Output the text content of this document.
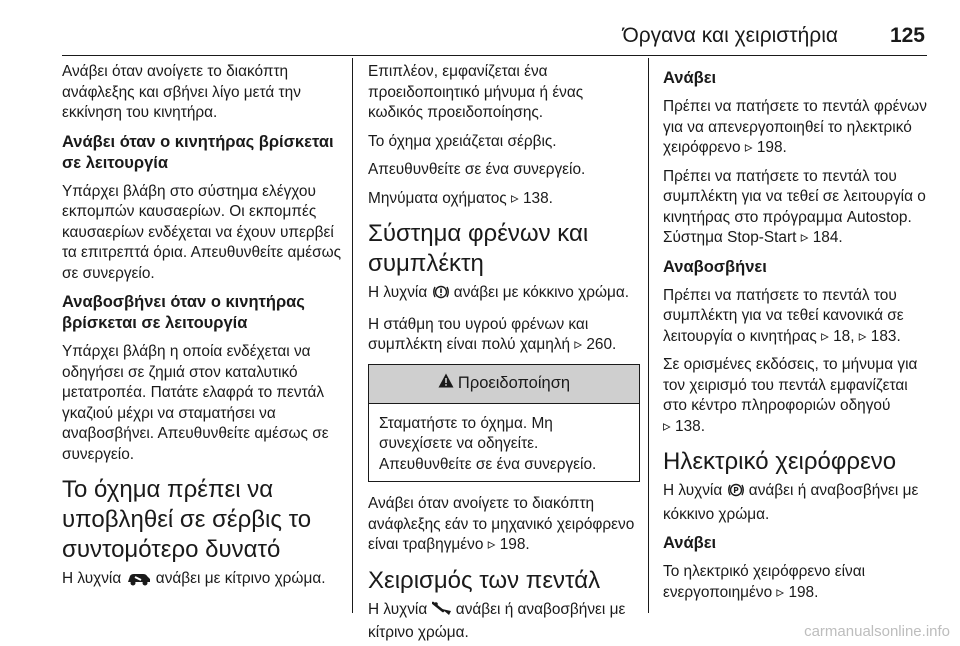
Όργανα και χειριστήρια 125

Ανάβει όταν ανοίγετε το διακόπτη ανάφλεξης και σβήνει λίγο μετά την εκκίνηση του κινητήρα.

Ανάβει όταν ο κινητήρας βρίσκεται σε λειτουργία

Υπάρχει βλάβη στο σύστημα ελέγχου εκπομπών καυσαερίων. Οι εκπομπές καυσαερίων ενδέχεται να έχουν υπερβεί τα επιτρεπτά όρια. Απευθυνθείτε αμέσως σε συνεργείο.

Αναβοσβήνει όταν ο κινητήρας βρίσκεται σε λειτουργία

Υπάρχει βλάβη η οποία ενδέχεται να οδηγήσει σε ζημιά στον καταλυτικό μετατροπέα. Πατάτε ελαφρά το πεντάλ γκαζιού μέχρι να σταματήσει να αναβοσβήνει. Απευθυνθείτε αμέσως σε συνεργείο.

Το όχημα πρέπει να υποβληθεί σε σέρβις το συντομότερο δυνατό

Η λυχνία ανάβει με κίτρινο χρώμα.

Επιπλέον, εμφανίζεται ένα προειδοποιητικό μήνυμα ή ένας κωδικός προειδοποίησης.

Το όχημα χρειάζεται σέρβις.

Απευθυνθείτε σε ένα συνεργείο.

Μηνύματα οχήματος ▹ 138.

Σύστημα φρένων και συμπλέκτη

Η λυχνία ανάβει με κόκκινο χρώμα.

Η στάθμη του υγρού φρένων και συμπλέκτη είναι πολύ χαμηλή ▹ 260.

Προειδοποίηση
Σταματήστε το όχημα. Μη συνεχίσετε να οδηγείτε. Απευθυνθείτε σε ένα συνεργείο.

Ανάβει όταν ανοίγετε το διακόπτη ανάφλεξης εάν το μηχανικό χειρόφρενο είναι τραβηγμένο ▹ 198.

Χειρισμός των πεντάλ

Η λυχνία ανάβει ή αναβοσβήνει με κίτρινο χρώμα.

Ανάβει

Πρέπει να πατήσετε το πεντάλ φρένων για να απενεργοποιηθεί το ηλεκτρικό χειρόφρενο ▹ 198.

Πρέπει να πατήσετε το πεντάλ του συμπλέκτη για να τεθεί σε λειτουργία ο κινητήρας στο πρόγραμμα Autostop. Σύστημα Stop-Start ▹ 184.

Αναβοσβήνει

Πρέπει να πατήσετε το πεντάλ του συμπλέκτη για να τεθεί κανονικά σε λειτουργία ο κινητήρας ▹ 18, ▹ 183.

Σε ορισμένες εκδόσεις, το μήνυμα για τον χειρισμό του πεντάλ εμφανίζεται στο κέντρο πληροφοριών οδηγού ▹ 138.

Ηλεκτρικό χειρόφρενο

Η λυχνία P ανάβει ή αναβοσβήνει με κόκκινο χρώμα.

Ανάβει

Το ηλεκτρικό χειρόφρενο είναι ενεργοποιημένο ▹ 198.

carmanualsonline.info
